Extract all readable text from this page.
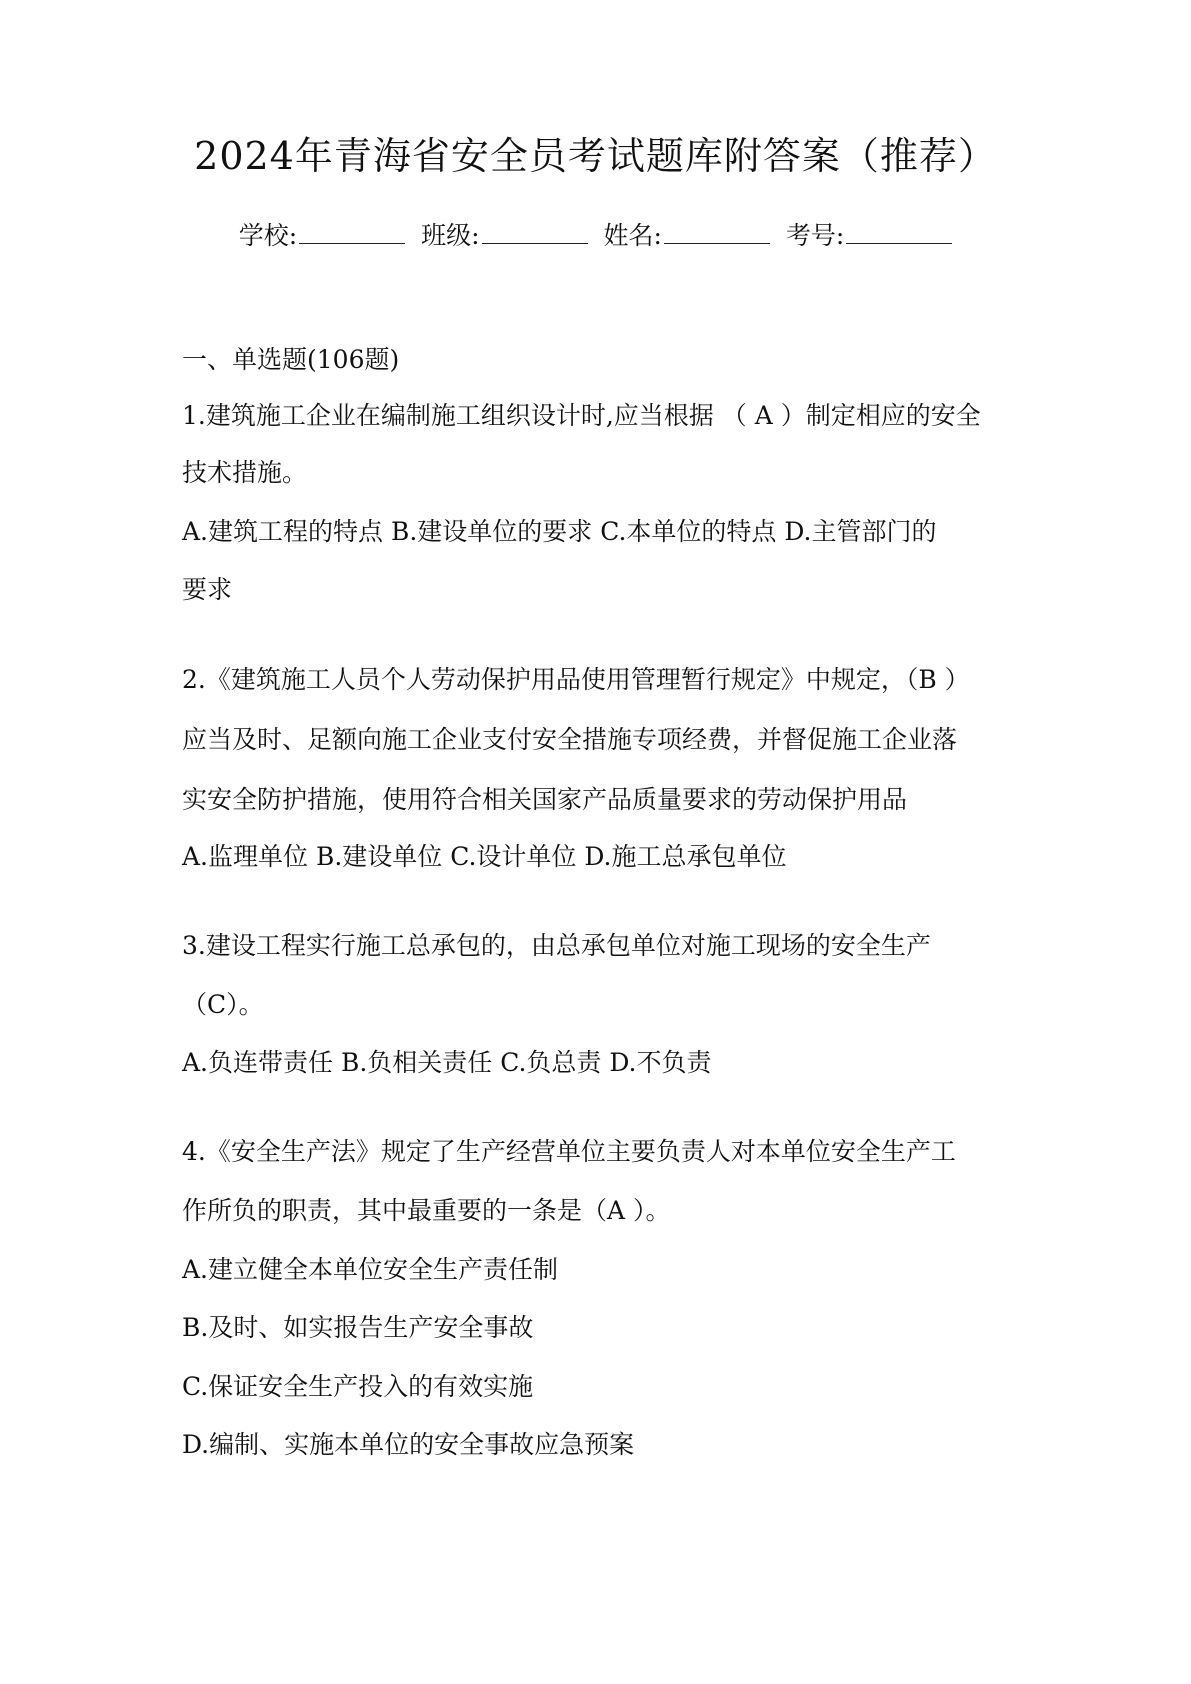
2024年青海省安全员考试题库附答案（推荐）
学校:	班级:	姓名:	考号:
一、单选题(106题)
1.建筑施工企业在编制施工组织设计时,应当根据 （ A ）制定相应的安全
技术措施。
A.建筑工程的特点 B.建设单位的要求 C.本单位的特点 D.主管部门的
要求
2.《建筑施工人员个人劳动保护用品使用管理暂行规定》中规定，（B ）
应当及时、足额向施工企业支付安全措施专项经费，并督促施工企业落
实安全防护措施，使用符合相关国家产品质量要求的劳动保护用品
A.监理单位 B.建设单位 C.设计单位 D.施工总承包单位
3.建设工程实行施工总承包的，由总承包单位对施工现场的安全生产
（C）。
A.负连带责任 B.负相关责任 C.负总责 D.不负责
4.《安全生产法》规定了生产经营单位主要负责人对本单位安全生产工
作所负的职责，其中最重要的一条是（A ）。
A.建立健全本单位安全生产责任制
B.及时、如实报告生产安全事故
C.保证安全生产投入的有效实施
D.编制、实施本单位的安全事故应急预案
